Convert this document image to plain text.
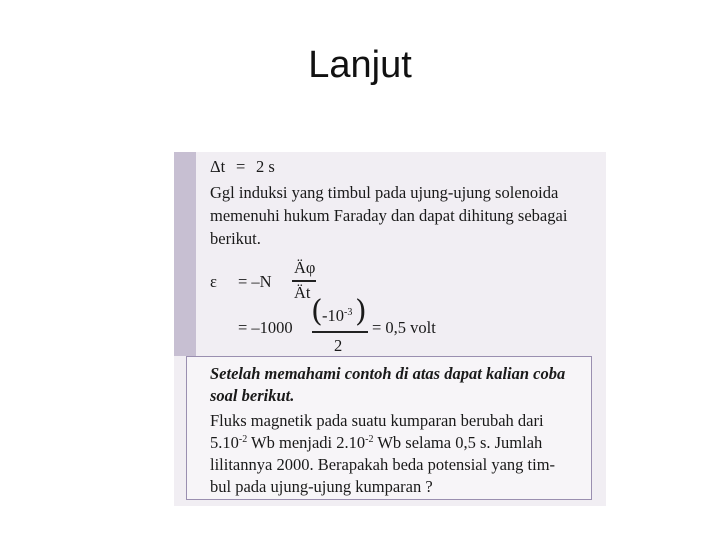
Lanjut
Δt = 2 s
Ggl induksi yang timbul pada ujung-ujung solenoida
memenuhi hukum Faraday dan dapat dihitung sebagai
berikut.
ε = –N
Äφ
Ät
= –1000 ( $-10^{-3}$ )
2
= 0,5 volt
Setelah memahami contoh di atas dapat kalian coba
soal berikut.
Fluks magnetik pada suatu kumparan berubah dari
$5.10^{-2}$ Wb menjadi $2.10^{-2}$ Wb selama 0,5 s. Jumlah
lilitannya 2000. Berapakah beda potensial yang tim-
bul pada ujung-ujung kumparan ?
